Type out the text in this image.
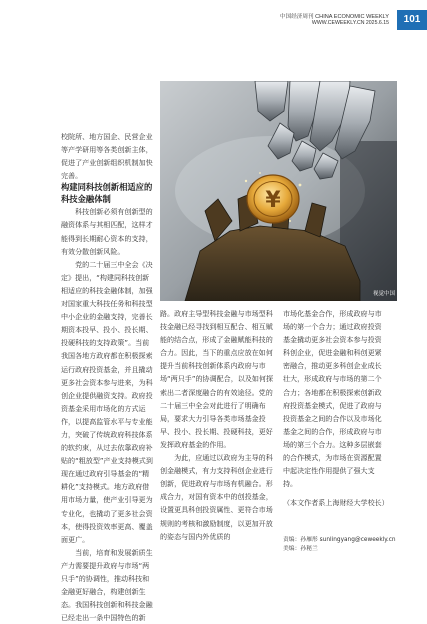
中国经济周刊 CHINA ECONOMIC WEEKLY
WWW.CEWEEKLY.CN 2025.6.15	101
¥
视觉中国

校院所、地方国企、民营企业等产学研用等各类创新主体，促进了产业创新组织机制加快完善。

构建同科技创新相适应的科技金融体制

科技创新必须有创新型的融资体系与其相匹配，这样才能得到长期耐心资本的支持，有效分散创新风险。

党的二十届三中全会《决定》提出，“构建同科技创新相适应的科技金融体制，加强对国家重大科技任务和科技型中小企业的金融支持，完善长期资本投早、投小、投长期、投硬科技的支持政策”。当前我国各地方政府都在积极探索运行政府投资基金，并且撬动更多社会资本参与进来，为科创企业提供融资支持。政府投资基金采用市场化的方式运作，以提高监管水平与专业能力，突破了传统政府科技体系的软约束，从过去依靠政府补贴的“粗放型”产业支持模式到现在通过政府引导基金的“精耕化”支持模式。地方政府借用市场力量，使产业引导更为专业化，也撬动了更多社会资本，使得投资效率更高、覆盖面更广。

当前，培育和发展新质生产力需要提升政府与市场“两只手”的协调性，推动科技和金融更好融合，构建创新生态。我国科技创新和科技金融已经走出一条中国特色的新

路。政府主导型科技金融与市场型科技金融已经寻找到相互配合、相互赋能的结合点，形成了金融赋能科技的合力。因此，当下的重点应放在如何提升当前科技创新体系内政府与市场“两只手”的协调配合，以及如何探索出二者深度融合的有效途径。党的二十届三中全会对此进行了明确布局，要求大力引导各类市场基金投早、投小、投长期、投硬科技，更好发挥政府基金的作用。

为此，应通过以政府为主导的科创金融模式，有力支持科创企业进行创新，促进政府与市场有机融合。形成合力，对国有资本中的创投基金，设置更具科创投资属性、更符合市场规则的考核和激励制度，以更加开放的姿态与国内外优质的

市场化基金合作，形成政府与市场的第一个合力；通过政府投资基金撬动更多社会资本参与投资科创企业，促进金融和科创更紧密融合，推动更多科创企业成长壮大，形成政府与市场的第二个合力；各地都在积极探索创新政府投资基金模式，促进了政府与投资基金之间的合作以及市场化基金之间的合作，形成政府与市场的第三个合力。这种多层嵌套的合作模式，为市场在资源配置中起决定性作用提供了强大支持。

（本文作者系上海财经大学校长）

责编：孙雁彤 sunlingyang@ceweekly.cn
美编：孙秘兰
